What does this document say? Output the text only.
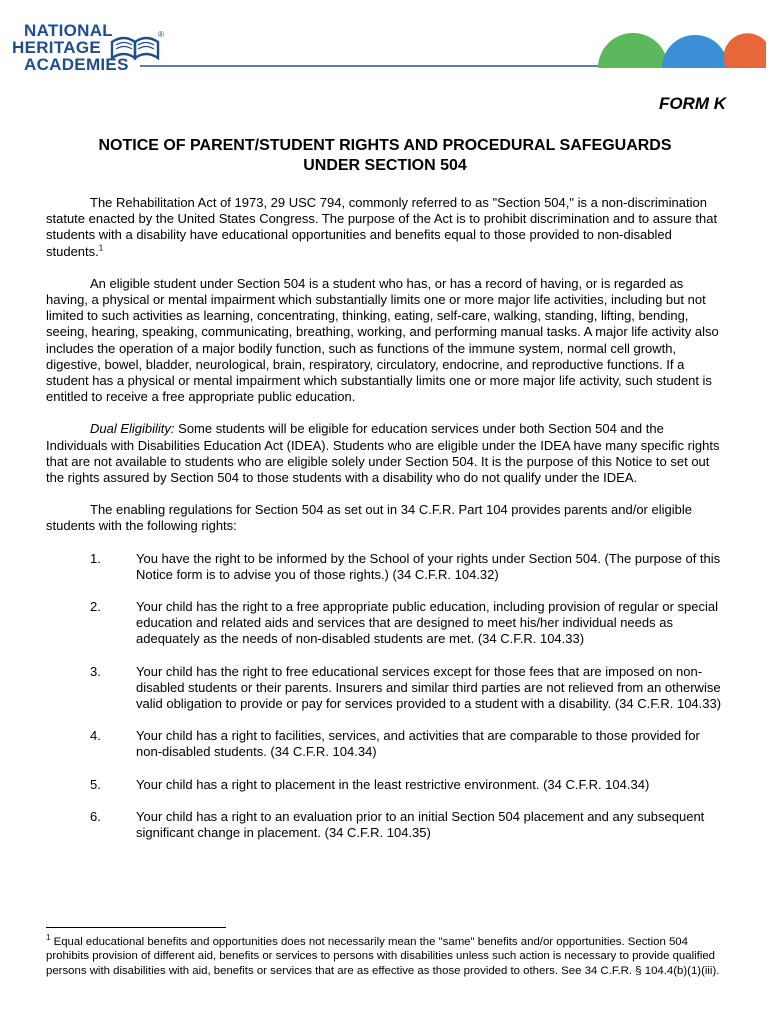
NATIONAL
HERITAGE
ACADEMIES
®
FORM K
NOTICE OF PARENT/STUDENT RIGHTS AND PROCEDURAL SAFEGUARDS
UNDER SECTION 504

The Rehabilitation Act of 1973, 29 USC 794, commonly referred to as "Section 504," is a non-discrimination statute enacted by the United States Congress. The purpose of the Act is to prohibit discrimination and to assure that students with a disability have educational opportunities and benefits equal to those provided to non-disabled students.$^1$

An eligible student under Section 504 is a student who has, or has a record of having, or is regarded as having, a physical or mental impairment which substantially limits one or more major life activities, including but not limited to such activities as learning, concentrating, thinking, eating, self-care, walking, standing, lifting, bending, seeing, hearing, speaking, communicating, breathing, working, and performing manual tasks. A major life activity also includes the operation of a major bodily function, such as functions of the immune system, normal cell growth, digestive, bowel, bladder, neurological, brain, respiratory, circulatory, endocrine, and reproductive functions. If a student has a physical or mental impairment which substantially limits one or more major life activity, such student is entitled to receive a free appropriate public education.

Dual Eligibility: Some students will be eligible for education services under both Section 504 and the Individuals with Disabilities Education Act (IDEA). Students who are eligible under the IDEA have many specific rights that are not available to students who are eligible solely under Section 504. It is the purpose of this Notice to set out the rights assured by Section 504 to those students with a disability who do not qualify under the IDEA.

The enabling regulations for Section 504 as set out in 34 C.F.R. Part 104 provides parents and/or eligible students with the following rights:

1.	You have the right to be informed by the School of your rights under Section 504. (The purpose of this Notice form is to advise you of those rights.) (34 C.F.R. 104.32)
2.	Your child has the right to a free appropriate public education, including provision of regular or special education and related aids and services that are designed to meet his/her individual needs as adequately as the needs of non-disabled students are met. (34 C.F.R. 104.33)
3.	Your child has the right to free educational services except for those fees that are imposed on non-disabled students or their parents. Insurers and similar third parties are not relieved from an otherwise valid obligation to provide or pay for services provided to a student with a disability. (34 C.F.R. 104.33)
4.	Your child has a right to facilities, services, and activities that are comparable to those provided for non-disabled students. (34 C.F.R. 104.34)
5.	Your child has a right to placement in the least restrictive environment. (34 C.F.R. 104.34)
6.	Your child has a right to an evaluation prior to an initial Section 504 placement and any subsequent significant change in placement. (34 C.F.R. 104.35)
$^1$ Equal educational benefits and opportunities does not necessarily mean the "same" benefits and/or opportunities. Section 504 prohibits provision of different aid, benefits or services to persons with disabilities unless such action is necessary to provide qualified persons with disabilities with aid, benefits or services that are as effective as those provided to others. See 34 C.F.R. § 104.4(b)(1)(iii).
